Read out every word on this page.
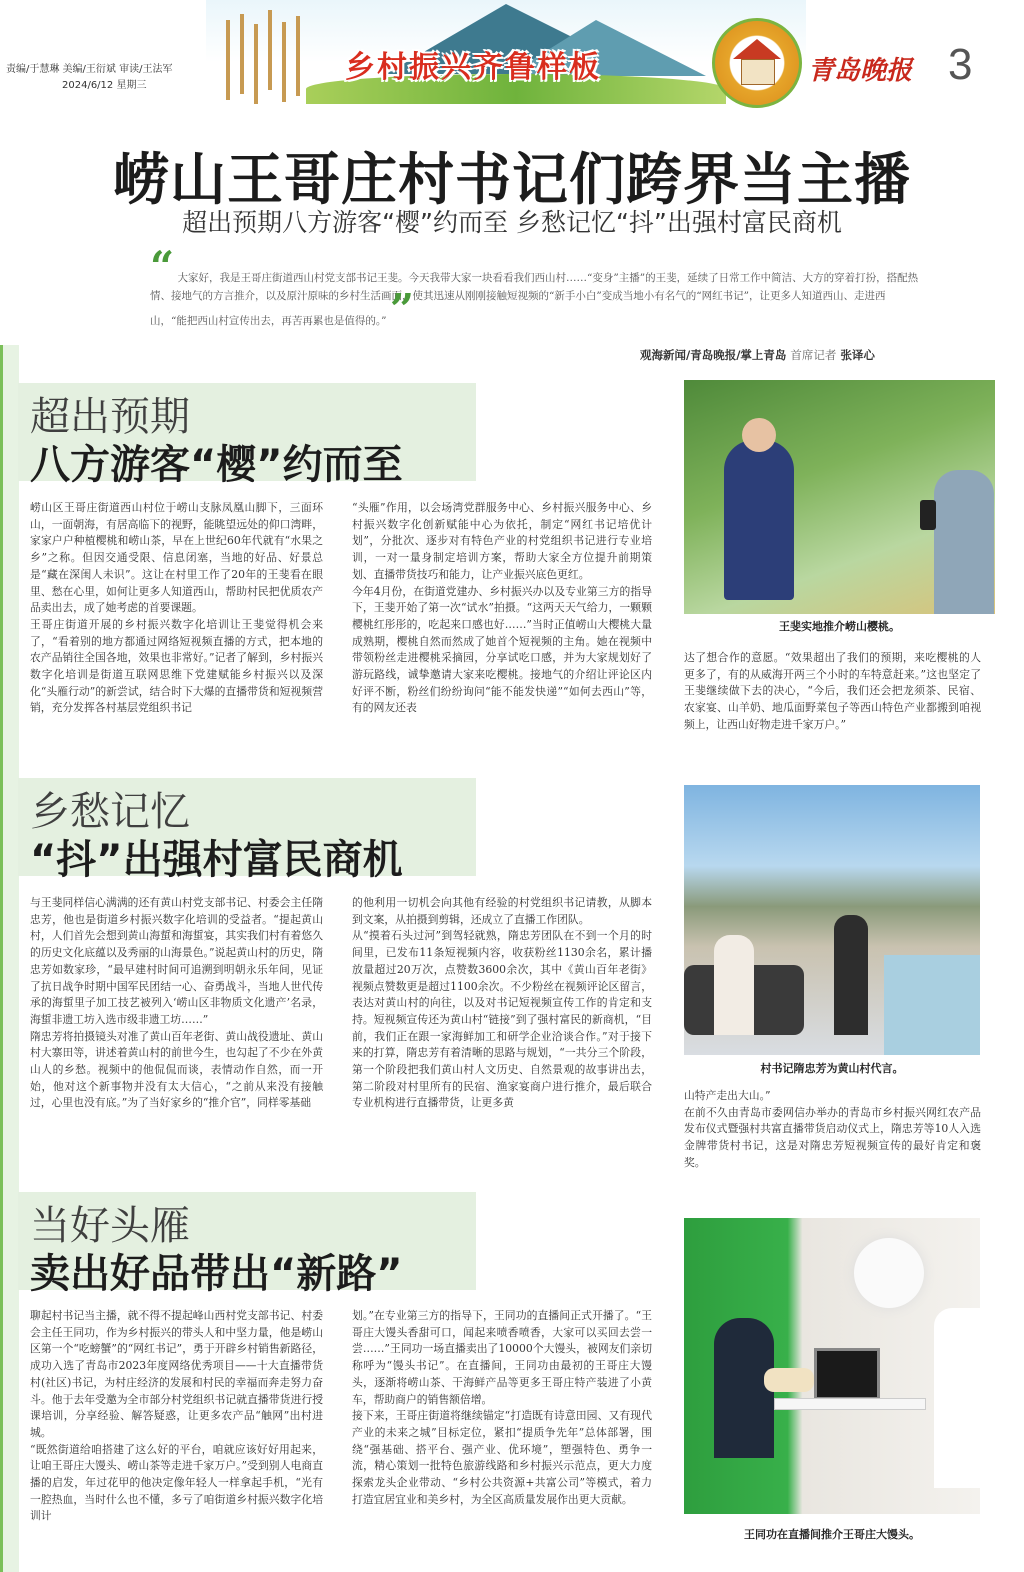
责编/于慧琳 美编/王衍斌 审读/王法军
2024/6/12 星期三
乡村振兴齐鲁样板	青岛晚报 3
崂山王哥庄村书记们跨界当主播
超出预期八方游客“樱”约而至 乡愁记忆“抖”出强村富民商机
“ 大家好，我是王哥庄街道西山村党支部书记王斐。今天我带大家一块看看我们西山村……“变身”主播”的王斐，延续了日常工作中简洁、大方的穿着打扮，搭配热情、接地气的方言推介，以及原汁原味的乡村生活画面，使其迅速从刚刚接触短视频的“新手小白”变成当地小有名气的“网红书记”，让更多人知道西山、走进西山，“能把西山村宣传出去，再苦再累也是值得的。” ”
观海新闻/青岛晚报/掌上青岛 首席记者 张译心
超出预期
八方游客“樱”约而至
崂山区王哥庄街道西山村位于崂山支脉凤凰山脚下，三面环山，一面朝海，有居高临下的视野，能眺望远处的仰口湾畔，家家户户种植樱桃和崂山茶，早在上世纪60年代就有“水果之乡”之称。但因交通受限、信息闭塞，当地的好品、好景总是“藏在深闺人未识”。这让在村里工作了20年的王斐看在眼里、愁在心里，如何让更多人知道西山，帮助村民把优质农产品卖出去，成了她考虑的首要课题。
王哥庄街道开展的乡村振兴数字化培训让王斐觉得机会来了，“看着别的地方都通过网络短视频直播的方式，把本地的农产品销往全国各地，效果也非常好。”记者了解到，乡村振兴数字化培训是街道互联网思维下党建赋能乡村振兴以及深化“头雁行动”的新尝试，结合时下大爆的直播带货和短视频营销，充分发挥各村基层党组织书记
“头雁”作用，以会场湾党群服务中心、乡村振兴服务中心、乡村振兴数字化创新赋能中心为依托，制定“网红书记培优计划”，分批次、逐步对有特色产业的村党组织书记进行专业培训，一对一量身制定培训方案，帮助大家全方位提升前期策划、直播带货技巧和能力，让产业振兴底色更红。
今年4月份，在街道党建办、乡村振兴办以及专业第三方的指导下，王斐开始了第一次“试水”拍摄。“这两天天气给力，一颗颗樱桃红彤彤的，吃起来口感也好……”当时正值崂山大樱桃大量成熟期，樱桃自然而然成了她首个短视频的主角。她在视频中带领粉丝走进樱桃采摘园，分享试吃口感，并为大家规划好了游玩路线，诚挚邀请大家来吃樱桃。接地气的介绍让评论区内好评不断，粉丝们纷纷询问“能不能发快递”“如何去西山”等，有的网友还表
王斐实地推介崂山樱桃。
达了想合作的意愿。“效果超出了我们的预期，来吃樱桃的人更多了，有的从威海开两三个小时的车特意赶来。”这也坚定了王斐继续做下去的决心，“今后，我们还会把龙须茶、民宿、农家宴、山羊奶、地瓜面野菜包子等西山特色产业都搬到咱视频上，让西山好物走进千家万户。”
乡愁记忆
“抖”出强村富民商机
与王斐同样信心满满的还有黄山村党支部书记、村委会主任隋忠芳，他也是街道乡村振兴数字化培训的受益者。“提起黄山村，人们首先会想到黄山海蜇和海蜇宴，其实我们村有着悠久的历史文化底蕴以及秀丽的山海景色。”说起黄山村的历史，隋忠芳如数家珍，“最早建村时间可追溯到明朝永乐年间，见证了抗日战争时期中国军民团结一心、奋勇战斗，当地人世代传承的海蜇里子加工技艺被列入‘崂山区非物质文化遗产’名录，海蜇非遗工坊入选市级非遗工坊……”
隋忠芳将拍摄镜头对准了黄山百年老街、黄山战役遗址、黄山村大寨田等，讲述着黄山村的前世今生，也勾起了不少在外黄山人的乡愁。视频中的他侃侃而谈，表情动作自然，而一开始，他对这个新事物并没有太大信心，“之前从来没有接触过，心里也没有底。”为了当好家乡的“推介官”，同样零基础
的他利用一切机会向其他有经验的村党组织书记请教，从脚本到文案，从拍摄到剪辑，还成立了直播工作团队。
从“摸着石头过河”到驾轻就熟，隋忠芳团队在不到一个月的时间里，已发布11条短视频内容，收获粉丝1130余名，累计播放量超过20万次，点赞数3600余次，其中《黄山百年老街》视频点赞数更是超过1100余次。不少粉丝在视频评论区留言，表达对黄山村的向往，以及对书记短视频宣传工作的肯定和支持。短视频宣传还为黄山村“链接”到了强村富民的新商机，“目前，我们正在跟一家海鲜加工和研学企业洽谈合作。”对于接下来的打算，隋忠芳有着清晰的思路与规划，“一共分三个阶段，第一个阶段把我们黄山村人文历史、自然景观的故事讲出去，第二阶段对村里所有的民宿、渔家宴商户进行推介，最后联合专业机构进行直播带货，让更多黄
村书记隋忠芳为黄山村代言。
山特产走出大山。”
在前不久由青岛市委网信办举办的青岛市乡村振兴网红农产品发布仪式暨强村共富直播带货启动仪式上，隋忠芳等10人入选金牌带货村书记，这是对隋忠芳短视频宣传的最好肯定和褒奖。
当好头雁
卖出好品带出“新路”
聊起村书记当主播，就不得不提起峰山西村党支部书记、村委会主任王同功，作为乡村振兴的带头人和中坚力量，他是崂山区第一个“吃螃蟹”的“网红书记”，勇于开辟乡村销售新路径，成功入选了青岛市2023年度网络优秀项目——十大直播带货村(社区)书记，为村庄经济的发展和村民的幸福而奔走努力奋斗。他于去年受邀为全市部分村党组织书记就直播带货进行授课培训，分享经验、解答疑惑，让更多农产品“触网”出村进城。
“既然街道给咱搭建了这么好的平台，咱就应该好好用起来，让咱王哥庄大馒头、崂山茶等走进千家万户。”受到别人电商直播的启发，年过花甲的他决定像年轻人一样拿起手机，“光有一腔热血，当时什么也不懂，多亏了咱街道乡村振兴数字化培训计
划。”在专业第三方的指导下，王同功的直播间正式开播了。“王哥庄大馒头香甜可口，闻起来喷香喷香，大家可以买回去尝一尝……”王同功一场直播卖出了10000个大馒头，被网友们亲切称呼为“馒头书记”。在直播间，王同功由最初的王哥庄大馒头，逐渐将崂山茶、干海鲜产品等更多王哥庄特产装进了小黄车，帮助商户的销售额倍增。
接下来，王哥庄街道将继续锚定“打造既有诗意田园、又有现代产业的未来之城”目标定位，紧扣“提质争先年”总体部署，围绕“强基础、搭平台、强产业、优环境”，塑强特色、勇争一流，精心策划一批特色旅游线路和乡村振兴示范点，更大力度探索龙头企业带动、“乡村公共资源+共富公司”等模式，着力打造宜居宜业和美乡村，为全区高质量发展作出更大贡献。
王同功在直播间推介王哥庄大馒头。
